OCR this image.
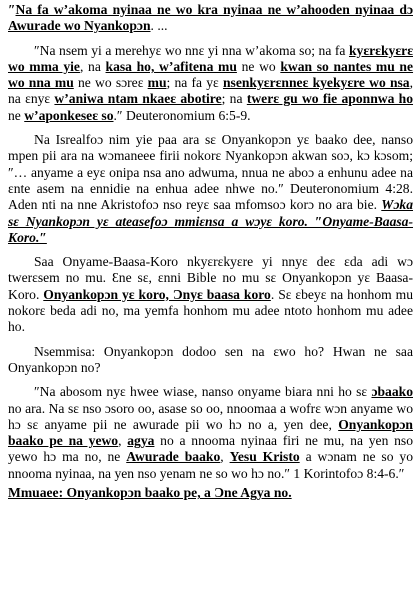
″Na fa w’akoma nyinaa ne wo kra nyinaa ne w’ahooden nyinaa dɔ Awurade wo Nyankopɔn. ...

″Na nsem yi a merehyɛ wo nnɛ yi nna w’akoma so; na fa kyɛrɛkyɛrɛ wo mma yie, na kasa ho, w’afitena mu ne wo kwan so nantes mu ne wo nna mu ne wo sɔreɛ mu; na fa yɛ nsenkyɛrɛnneɛ kyekyɛre wo nsa, na ɛnyɛ w’aniwa ntam nkaeɛ abotire; na twerɛ gu wo fie aponnwa ho ne w’aponkeseɛ so.″ Deuteronomium 6:5-9.

Na Isrealfoɔ nim yie paa ara sɛ Onyankopɔn yɛ baako dee, nanso mpen pii ara na wɔmaneee firii nokorɛ Nyankopɔn akwan soɔ, kɔ kɔsom; ″… anyame a eyɛ onipa nsa ano adwuma, nnua ne aboɔ a enhunu adee na ɛnte asem na ennidie na enhua adee nhwe no.″ Deuteronomium 4:28. Aden nti na nne Akristofoɔ nso reyɛ saa mfomsoɔ korɔ no ara bie. Wɔka sɛ Nyankopɔn yɛ ateasefoɔ mmiɛnsa a wɔyɛ koro. ″Onyame-Baasa-Koro.″

Saa Onyame-Baasa-Koro nkyɛrɛkyɛre yi nnyɛ deɛ ɛda adi wɔ twerɛsem no mu. Ɛne sɛ, ɛnni Bible no mu sɛ Onyankopɔn yɛ Baasa-Koro. Onyankopɔn yɛ koro, Ɔnyɛ baasa koro. Sɛ ɛbeyɛ na honhom mu nokorɛ beda adi no, ma yemfa honhom mu adee ntoto honhom mu adee ho.

Nsemmisa: Onyankopɔn dodoo sen na ɛwo ho? Hwan ne saa Onyankopɔn no?

″Na abosom nyɛ hwee wiase, nanso onyame biara nni ho sɛ ɔbaako no ara. Na sɛ nso ɔsoro oo, asase so oo, nnoomaa a wofrɛ wɔn anyame wo hɔ sɛ anyame pii ne awurade pii wo hɔ no a, yen dee, Onyankopɔn baako pe na yewo, agya no a nnooma nyinaa firi ne mu, na yen nso yewo hɔ ma no, ne Awurade baako, Yesu Kristo a wɔnam ne so yo nnooma nyinaa, na yen nso yenam ne so wo hɔ no.″ 1 Korintofoɔ 8:4-6.″

Mmuaee: Onyankopɔn baako pe, a Ɔne Agya no.
